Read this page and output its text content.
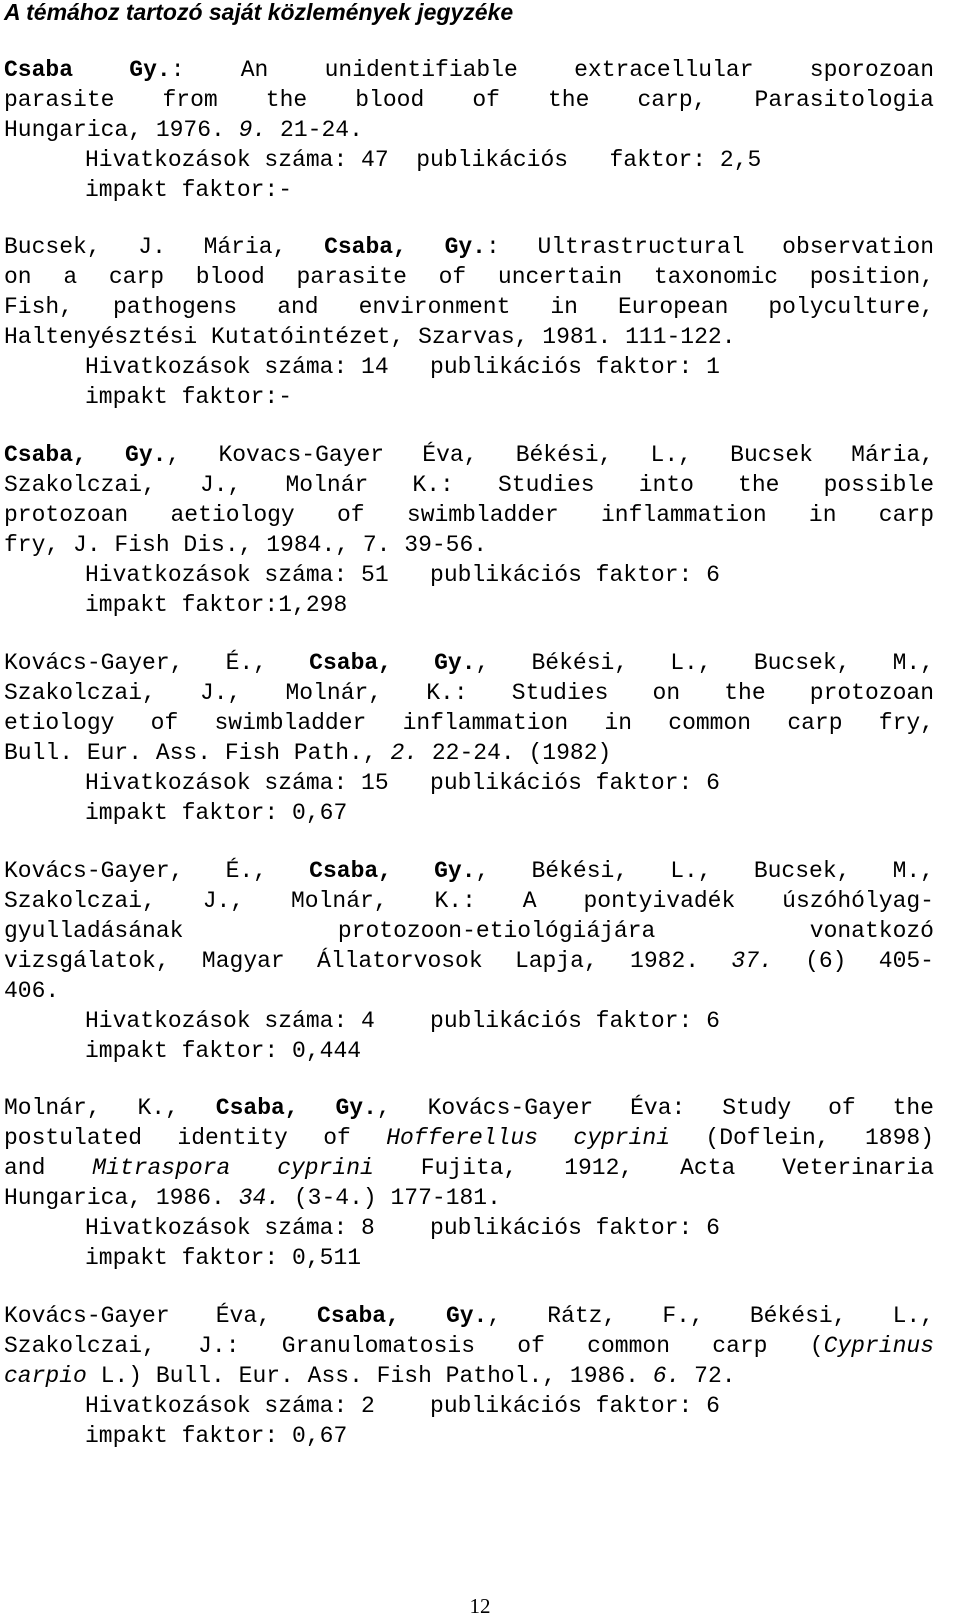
A témához tartozó saját közlemények jegyzéke
Csaba Gy.: An unidentifiable extracellular sporozoan
parasite from the blood of the carp, Parasitologia
Hungarica, 1976. 9. 21-24.
Hivatkozások száma: 47  publikációs   faktor: 2,5
impakt faktor:-
Bucsek, J. Mária, Csaba, Gy.: Ultrastructural observation
on a carp blood parasite of uncertain taxonomic position,
Fish, pathogens and environment in European polyculture,
Haltenyésztési Kutatóintézet, Szarvas, 1981. 111-122.
Hivatkozások száma: 14   publikációs faktor: 1
impakt faktor:-
Csaba, Gy., Kovacs-Gayer Éva, Békési, L., Bucsek Mária,
Szakolczai, J., Molnár K.: Studies into the possible
protozoan aetiology of swimbladder inflammation in carp
fry, J. Fish Dis., 1984., 7. 39-56.
Hivatkozások száma: 51   publikációs faktor: 6
impakt faktor:1,298
Kovács-Gayer, É., Csaba, Gy., Békési, L., Bucsek, M.,
Szakolczai, J., Molnár, K.: Studies on the protozoan
etiology of swimbladder inflammation in common carp fry,
Bull. Eur. Ass. Fish Path., 2. 22-24. (1982)
Hivatkozások száma: 15   publikációs faktor: 6
impakt faktor: 0,67
Kovács-Gayer, É., Csaba, Gy., Békési, L., Bucsek, M.,
Szakolczai, J., Molnár, K.: A pontyivadék úszóhólyag-
gyulladásának protozoon-etiológiájára vonatkozó
vizsgálatok, Magyar Állatorvosok Lapja, 1982. 37. (6) 405-
406.
Hivatkozások száma: 4    publikációs faktor: 6
impakt faktor: 0,444
Molnár, K., Csaba, Gy., Kovács-Gayer Éva: Study of the
postulated identity of Hofferellus cyprini (Doflein, 1898)
and Mitraspora cyprini Fujita, 1912, Acta Veterinaria
Hungarica, 1986. 34. (3-4.) 177-181.
Hivatkozások száma: 8    publikációs faktor: 6
impakt faktor: 0,511
Kovács-Gayer Éva, Csaba, Gy., Rátz, F., Békési, L.,
Szakolczai, J.: Granulomatosis of common carp (Cyprinus
carpio L.) Bull. Eur. Ass. Fish Pathol., 1986. 6. 72.
Hivatkozások száma: 2    publikációs faktor: 6
impakt faktor: 0,67
12
